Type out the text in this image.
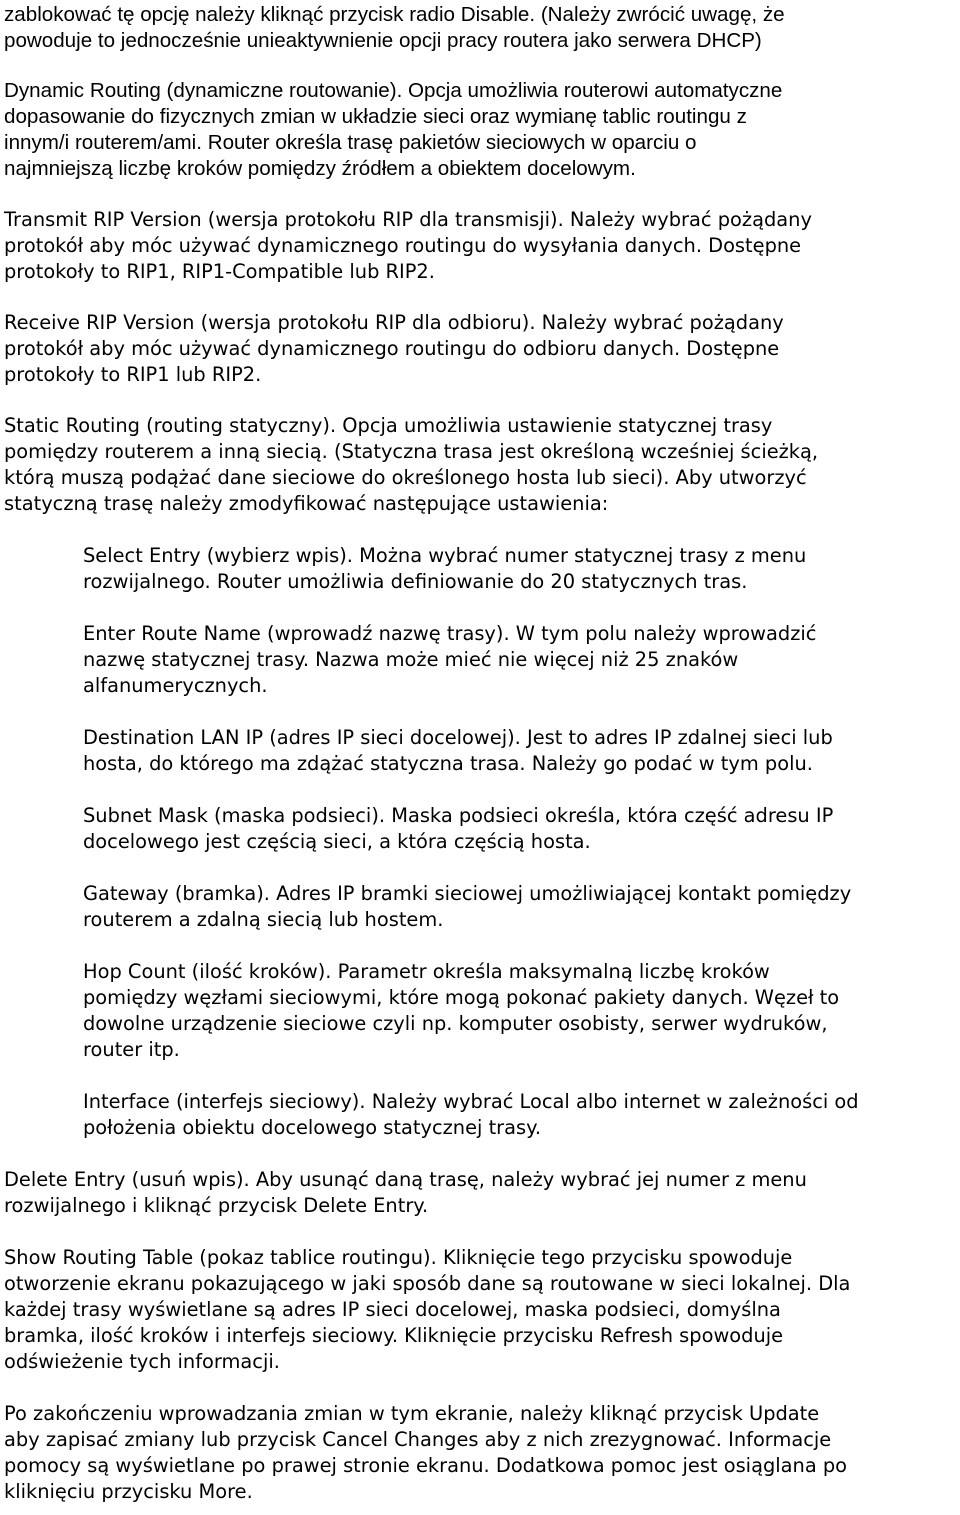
zablokować tę opcję należy kliknąć przycisk radio Disable. (Należy zwrócić uwagę, że
powoduje to jednocześnie unieaktywnienie opcji pracy routera jako serwera DHCP)

Dynamic Routing (dynamiczne routowanie). Opcja umożliwia routerowi automatyczne
dopasowanie do fizycznych zmian w układzie sieci oraz wymianę tablic routingu z
innym/i routerem/ami. Router określa trasę pakietów sieciowych w oparciu o
najmniejszą liczbę kroków pomiędzy źródłem a obiektem docelowym.

Transmit RIP Version (wersja protokołu RIP dla transmisji). Należy wybrać pożądany
protokół aby móc używać dynamicznego routingu do wysyłania danych. Dostępne
protokoły to RIP1, RIP1-Compatible lub RIP2.

Receive RIP Version (wersja protokołu RIP dla odbioru). Należy wybrać pożądany
protokół aby móc używać dynamicznego routingu do odbioru danych. Dostępne
protokoły to RIP1 lub RIP2.

Static Routing (routing statyczny). Opcja umożliwia ustawienie statycznej trasy
pomiędzy routerem a inną siecią. (Statyczna trasa jest określoną wcześniej ścieżką,
którą muszą podążać dane sieciowe do określonego hosta lub sieci). Aby utworzyć
statyczną trasę należy zmodyfikować następujące ustawienia:

Select Entry (wybierz wpis). Można wybrać numer statycznej trasy z menu
rozwijalnego. Router umożliwia definiowanie do 20 statycznych tras.

Enter Route Name (wprowadź nazwę trasy). W tym polu należy wprowadzić
nazwę statycznej trasy. Nazwa może mieć nie więcej niż 25 znaków
alfanumerycznych.

Destination LAN IP (adres IP sieci docelowej). Jest to adres IP zdalnej sieci lub
hosta, do którego ma zdążać statyczna trasa. Należy go podać w tym polu.

Subnet Mask (maska podsieci). Maska podsieci określa, która część adresu IP
docelowego jest częścią sieci, a która częścią hosta.

Gateway (bramka). Adres IP bramki sieciowej umożliwiającej kontakt pomiędzy
routerem a zdalną siecią lub hostem.

Hop Count (ilość kroków). Parametr określa maksymalną liczbę kroków
pomiędzy węzłami sieciowymi, które mogą pokonać pakiety danych. Węzeł to
dowolne urządzenie sieciowe czyli np. komputer osobisty, serwer wydruków,
router itp.

Interface (interfejs sieciowy). Należy wybrać Local albo internet w zależności od
położenia obiektu docelowego statycznej trasy.

Delete Entry (usuń wpis). Aby usunąć daną trasę, należy wybrać jej numer z menu
rozwijalnego i kliknąć przycisk Delete Entry.

Show Routing Table (pokaz tablice routingu). Kliknięcie tego przycisku spowoduje
otworzenie ekranu pokazującego w jaki sposób dane są routowane w sieci lokalnej. Dla
każdej trasy wyświetlane są adres IP sieci docelowej, maska podsieci, domyślna
bramka, ilość kroków i interfejs sieciowy. Kliknięcie przycisku Refresh spowoduje
odświeżenie tych informacji.

Po zakończeniu wprowadzania zmian w tym ekranie, należy kliknąć przycisk Update
aby zapisać zmiany lub przycisk Cancel Changes aby z nich zrezygnować. Informacje
pomocy są wyświetlane po prawej stronie ekranu. Dodatkowa pomoc jest osiąglana po
kliknięciu przycisku More.
